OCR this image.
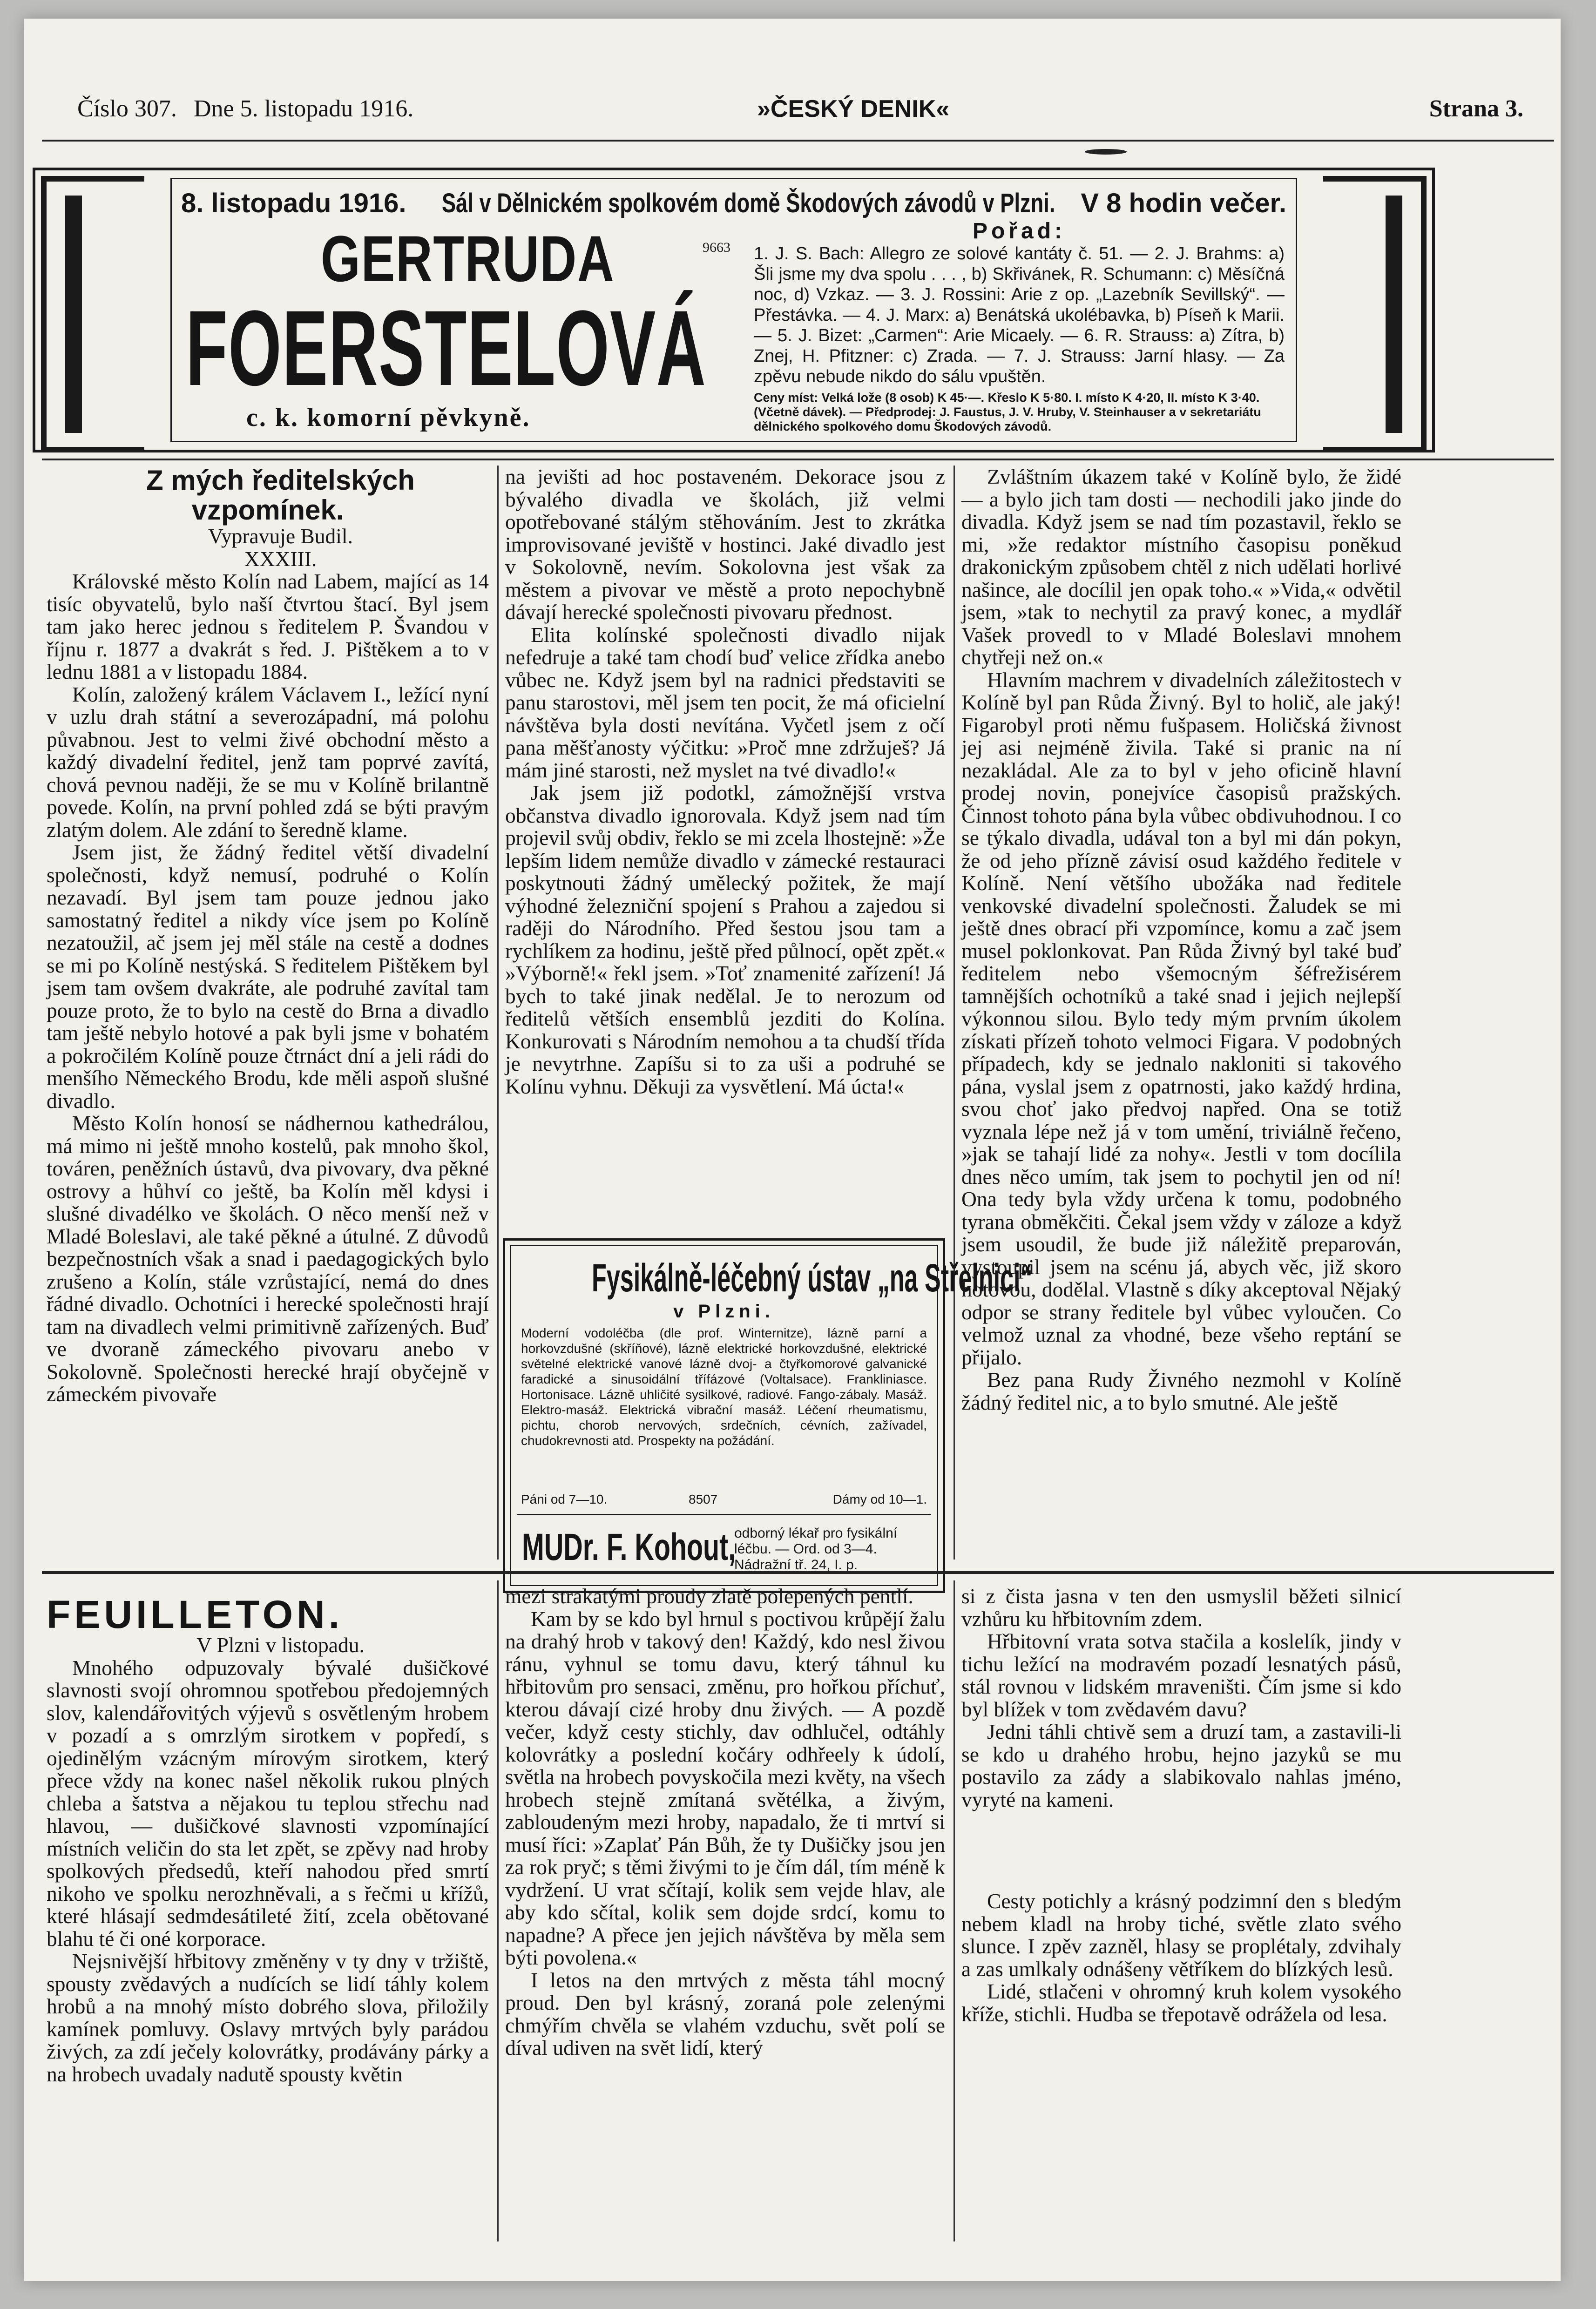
Číslo 307. Dne 5. listopadu 1916.	»ČESKÝ DENIK«	Strana 3.
8. listopadu 1916. Sál v Dělnickém spolkovém domě Škodových závodů v Plzni. V 8 hodin večer.
GERTRUDA
FOERSTELOVÁ
c. k. komorní pěvkyně.
9663
Pořad:
1. J. S. Bach: Allegro ze solové kantáty č. 51. — 2. J. Brahms: a) Šli jsme my dva spolu . . . , b) Skřivánek, R. Schumann: c) Měsíčná noc, d) Vzkaz. — 3. J. Rossini: Arie z op. „Lazebník Sevillský“. — Přestávka. — 4. J. Marx: a) Benátská ukolébavka, b) Píseň k Marii. — 5. J. Bizet: „Carmen“: Arie Micaely. — 6. R. Strauss: a) Zítra, b) Znej, H. Pfitzner: c) Zrada. — 7. J. Strauss: Jarní hlasy. — Za zpěvu nebude nikdo do sálu vpuštěn.
Ceny míst: Velká lože (8 osob) K 45·—. Křeslo K 5·80. I. místo K 4·20, II. místo K 3·40. (Včetně dávek). — Předprodej: J. Faustus, J. V. Hruby, V. Steinhauser a v sekretariátu dělnického spolkového domu Škodových závodů.

Z mých ředitelských vzpomínek.

Vypravuje Budil.

XXXIII.

Královské město Kolín nad Labem, mající as 14 tisíc obyvatelů, bylo naší čtvrtou štací. Byl jsem tam jako herec jednou s ředitelem P. Švandou v říjnu r. 1877 a dvakrát s řed. J. Pištěkem a to v lednu 1881 a v listopadu 1884.

Kolín, založený králem Václavem I., ležící nyní v uzlu drah státní a severozápadní, má polohu půvabnou. Jest to velmi živé obchodní město a každý divadelní ředitel, jenž tam poprvé zavítá, chová pevnou naději, že se mu v Kolíně brilantně povede. Kolín, na první pohled zdá se býti pravým zlatým dolem. Ale zdání to šeredně klame.

Jsem jist, že žádný ředitel větší divadelní společnosti, když nemusí, podruhé o Kolín nezavadí. Byl jsem tam pouze jednou jako samostatný ředitel a nikdy více jsem po Kolíně nezatoužil, ač jsem jej měl stále na cestě a dodnes se mi po Kolíně nestýská. S ředitelem Pištěkem byl jsem tam ovšem dvakráte, ale podruhé zavítal tam pouze proto, že to bylo na cestě do Brna a divadlo tam ještě nebylo hotové a pak byli jsme v bohatém a pokročilém Kolíně pouze čtrnáct dní a jeli rádi do menšího Německého Brodu, kde měli aspoň slušné divadlo.

Město Kolín honosí se nádhernou kathedrálou, má mimo ni ještě mnoho kostelů, pak mnoho škol, továren, peněžních ústavů, dva pivovary, dva pěkné ostrovy a hůhví co ještě, ba Kolín měl kdysi i slušné divadélko ve školách. O něco menší než v Mladé Boleslavi, ale také pěkné a útulné. Z důvodů bezpečnostních však a snad i paedagogických bylo zrušeno a Kolín, stále vzrůstající, nemá do dnes řádné divadlo. Ochotníci i herecké společnosti hrají tam na divadlech velmi primitivně zařízených. Buď ve dvoraně zámeckého pivovaru anebo v Sokolovně. Společnosti herecké hrají obyčejně v zámeckém pivovaře

na jevišti ad hoc postaveném. Dekorace jsou z bývalého divadla ve školách, již velmi opotřebované stálým stěhováním. Jest to zkrátka improvisované jeviště v hostinci. Jaké divadlo jest v Sokolovně, nevím. Sokolovna jest však za městem a pivovar ve městě a proto nepochybně dávají herecké společnosti pivovaru přednost.

Elita kolínské společnosti divadlo nijak nefedruje a také tam chodí buď velice zřídka anebo vůbec ne. Když jsem byl na radnici představiti se panu starostovi, měl jsem ten pocit, že má oficielní návštěva byla dosti nevítána. Vyčetl jsem z očí pana měšťanosty výčitku: »Proč mne zdržuješ? Já mám jiné starosti, než myslet na tvé divadlo!«

Jak jsem již podotkl, zámožnější vrstva občanstva divadlo ignorovala. Když jsem nad tím projevil svůj obdiv, řeklo se mi zcela lhostejně: »Že lepším lidem nemůže divadlo v zámecké restauraci poskytnouti žádný umělecký požitek, že mají výhodné železniční spojení s Prahou a zajedou si raději do Národního. Před šestou jsou tam a rychlíkem za hodinu, ještě před půlnocí, opět zpět.« »Výborně!« řekl jsem. »Toť znamenité zařízení! Já bych to také jinak nedělal. Je to nerozum od ředitelů větších ensemblů jezditi do Kolína. Konkurovati s Národním nemohou a ta chudší třída je nevytrhne. Zapíšu si to za uši a podruhé se Kolínu vyhnu. Děkuji za vysvětlení. Má úcta!«

Fysikálně-léčebný ústav „na Střelnici“
v Plzni.
Moderní vodoléčba (dle prof. Winternitze), lázně parní a horkovzdušné (skříňové), lázně elektrické horkovzdušné, elektrické světelné elektrické vanové lázně dvoj- a čtyřkomorové galvanické faradické a sinusoidální třífázové (Voltalsace). Frankliniasce. Hortonisace. Lázně uhličité sysilkové, radiové. Fango-zábaly. Masáž. Elektro-masáž. Elektrická vibrační masáž. Léčení rheumatismu, pichtu, chorob nervových, srdečních, cévních, zažívadel, chudokrevnosti atd. Prospekty na požádání.
Páni od 7—10.	8507	Dámy od 10—1.
MUDr. F. Kohout,
odborný lékař pro fysikální léčbu. — Ord. od 3—4. Nádražní tř. 24, I. p.

Zvláštním úkazem také v Kolíně bylo, že židé — a bylo jich tam dosti — nechodili jako jinde do divadla. Když jsem se nad tím pozastavil, řeklo se mi, »že redaktor místního časopisu poněkud drakonickým způsobem chtěl z nich udělati horlivé našince, ale docílil jen opak toho.« »Vida,« odvětil jsem, »tak to nechytil za pravý konec, a mydlář Vašek provedl to v Mladé Boleslavi mnohem chytřeji než on.«

Hlavním machrem v divadelních záležitostech v Kolíně byl pan Růda Živný. Byl to holič, ale jaký! Figarobyl proti němu fušpasem. Holičská živnost jej asi nejméně živila. Také si pranic na ní nezakládal. Ale za to byl v jeho oficině hlavní prodej novin, ponejvíce časopisů pražských. Činnost tohoto pána byla vůbec obdivuhodnou. I co se týkalo divadla, udával ton a byl mi dán pokyn, že od jeho přízně závisí osud každého ředitele v Kolíně. Není většího ubožáka nad ředitele venkovské divadelní společnosti. Žaludek se mi ještě dnes obrací při vzpomínce, komu a zač jsem musel poklonkovat. Pan Růda Živný byl také buď ředitelem nebo všemocným šéfrežisérem tamnějších ochotníků a také snad i jejich nejlepší výkonnou silou. Bylo tedy mým prvním úkolem získati přízeň tohoto velmoci Figara. V podobných případech, kdy se jednalo nakloniti si takového pána, vyslal jsem z opatrnosti, jako každý hrdina, svou choť jako předvoj napřed. Ona se totiž vyznala lépe než já v tom umění, triviálně řečeno, »jak se tahají lidé za nohy«. Jestli v tom docílila dnes něco umím, tak jsem to pochytil jen od ní! Ona tedy byla vždy určena k tomu, podobného tyrana obměkčiti. Čekal jsem vždy v záloze a když jsem usoudil, že bude již náležitě preparován, vystoupil jsem na scénu já, abych věc, již skoro hotovou, dodělal. Vlastně s díky akceptoval Nějaký odpor se strany ředitele byl vůbec vyloučen. Co velmož uznal za vhodné, beze všeho reptání se přijalo.

Bez pana Rudy Živného nezmohl v Kolíně žádný ředitel nic, a to bylo smutné. Ale ještě

FEUILLETON.

V Plzni v listopadu.

Mnohého odpuzovaly bývalé dušičkové slavnosti svojí ohromnou spotřebou předojemných slov, kalendářovitých výjevů s osvětleným hrobem v pozadí a s omrzlým sirotkem v popředí, s ojedinělým vzácným mírovým sirotkem, který přece vždy na konec našel několik rukou plných chleba a šatstva a nějakou tu teplou střechu nad hlavou, — dušičkové slavnosti vzpomínající místních veličin do sta let zpět, se zpěvy nad hroby spolkových předsedů, kteří nahodou před smrtí nikoho ve spolku nerozhněvali, a s řečmi u křížů, které hlásají sedmdesátileté žití, zcela obětované blahu té či oné korporace.

Nejsnivější hřbitovy změněny v ty dny v tržiště, spousty zvědavých a nudících se lidí táhly kolem hrobů a na mnohý místo dobrého slova, přiložily kamínek pomluvy. Oslavy mrtvých byly parádou živých, za zdí ječely kolovrátky, prodávány párky a na hrobech uvadaly nadutě spousty květin

mezi strakatými proudy zlatě polepených pentlí.

Kam by se kdo byl hrnul s poctivou krůpějí žalu na drahý hrob v takový den! Každý, kdo nesl živou ránu, vyhnul se tomu davu, který táhnul ku hřbitovům pro sensaci, změnu, pro hořkou příchuť, kterou dávají cizé hroby dnu živých. — A pozdě večer, když cesty stichly, dav odhlučel, odtáhly kolovrátky a poslední kočáry odhřeely k údolí, světla na hrobech povyskočila mezi květy, na všech hrobech stejně zmítaná světélka, a živým, zabloudeným mezi hroby, napadalo, že ti mrtví si musí říci: »Zaplať Pán Bůh, že ty Dušičky jsou jen za rok pryč; s těmi živými to je čím dál, tím méně k vydržení. U vrat sčítají, kolik sem vejde hlav, ale aby kdo sčítal, kolik sem dojde srdcí, komu to napadne? A přece jen jejich návštěva by měla sem býti povolena.«

I letos na den mrtvých z města táhl mocný proud. Den byl krásný, zoraná pole zelenými chmýřím chvěla se vlahém vzduchu, svět polí se díval udiven na svět lidí, který

si z čista jasna v ten den usmyslil běžeti silnicí vzhůru ku hřbitovním zdem.

Hřbitovní vrata sotva stačila a koslelík, jindy v tichu ležící na modravém pozadí lesnatých pásů, stál rovnou v lidském mraveništi. Čím jsme si kdo byl blížek v tom zvědavém davu?

Jedni táhli chtivě sem a druzí tam, a zastavili-li se kdo u drahého hrobu, hejno jazyků se mu postavilo za zády a slabikovalo nahlas jméno, vyryté na kameni.

Cesty potichly a krásný podzimní den s bledým nebem kladl na hroby tiché, světle zlato svého slunce. I zpěv zazněl, hlasy se proplétaly, zdvihaly a zas umlkaly odnášeny větříkem do blízkých lesů.

Lidé, stlačeni v ohromný kruh kolem vysokého kříže, stichli. Hudba se třepotavě odrážela od lesa.
